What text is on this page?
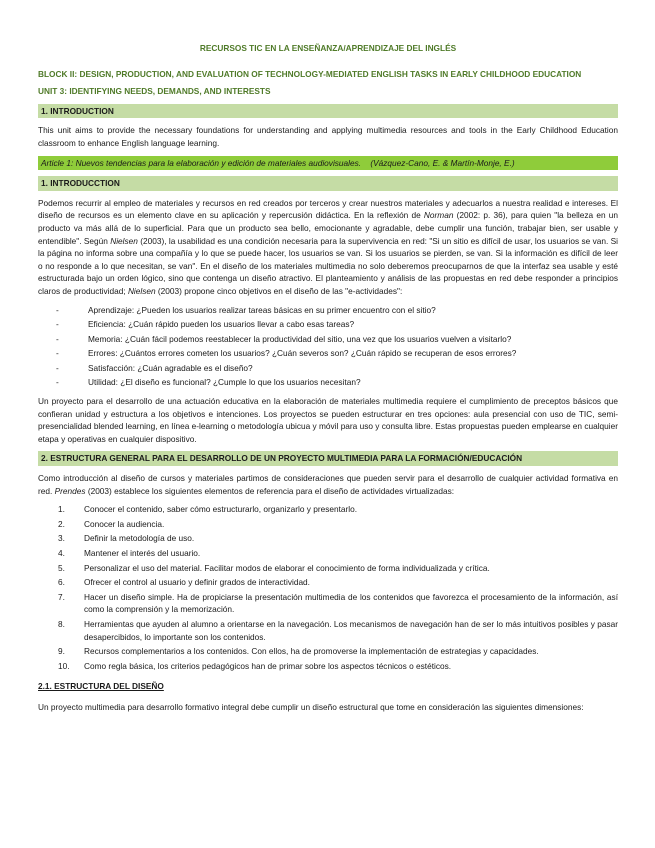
RECURSOS TIC EN LA ENSEÑANZA/APRENDIZAJE DEL INGLÉS
BLOCK II: DESIGN, PRODUCTION, AND EVALUATION OF TECHNOLOGY-MEDIATED ENGLISH TASKS IN EARLY CHILDHOOD EDUCATION
UNIT 3: IDENTIFYING NEEDS, DEMANDS, AND INTERESTS
1. INTRODUCTION

This unit aims to provide the necessary foundations for understanding and applying multimedia resources and tools in the Early Childhood Education classroom to enhance English language learning.

Article 1: Nuevos tendencias para la elaboración y edición de materiales audiovisuales. (Vázquez-Cano, E. & Martín-Monje, E.)
1. INTRODUCCTION

Podemos recurrir al empleo de materiales y recursos en red creados por terceros y crear nuestros materiales y adecuarlos a nuestra realidad e intereses. El diseño de recursos es un elemento clave en su aplicación y repercusión didáctica. En la reflexión de Norman (2002: p. 36), para quien "la belleza en un producto va más allá de lo superficial. Para que un producto sea bello, emocionante y agradable, debe cumplir una función, trabajar bien, ser usable y entendible". Según Nielsen (2003), la usabilidad es una condición necesaria para la supervivencia en red: "Si un sitio es difícil de usar, los usuarios se van. Si la página no informa sobre una compañía y lo que se puede hacer, los usuarios se van. Si los usuarios se pierden, se van. Si la información es difícil de leer o no responde a lo que necesitan, se van". En el diseño de los materiales multimedia no solo deberemos preocuparnos de que la interfaz sea usable y esté estructurada bajo un orden lógico, sino que contenga un diseño atractivo. El planteamiento y análisis de las propuestas en red debe responder a principios claros de productividad; Nielsen (2003) propone cinco objetivos en el diseño de las "e-actividades":

-	Aprendizaje: ¿Pueden los usuarios realizar tareas básicas en su primer encuentro con el sitio?
-	Eficiencia: ¿Cuán rápido pueden los usuarios llevar a cabo esas tareas?
-	Memoria: ¿Cuán fácil podemos reestablecer la productividad del sitio, una vez que los usuarios vuelven a visitarlo?
-	Errores: ¿Cuántos errores cometen los usuarios? ¿Cuán severos son? ¿Cuán rápido se recuperan de esos errores?
-	Satisfacción: ¿Cuán agradable es el diseño?
-	Utilidad: ¿El diseño es funcional? ¿Cumple lo que los usuarios necesitan?

Un proyecto para el desarrollo de una actuación educativa en la elaboración de materiales multimedia requiere el cumplimiento de preceptos básicos que confieran unidad y estructura a los objetivos e intenciones. Los proyectos se pueden estructurar en tres opciones: aula presencial con uso de TIC, semi-presencialidad blended learning, en línea e-learning o metodología ubicua y móvil para uso y consulta libre. Estas propuestas pueden emplearse en cualquier etapa y operativas en cualquier dispositivo.

2. ESTRUCTURA GENERAL PARA EL DESARROLLO DE UN PROYECTO MULTIMEDIA PARA LA FORMACIÓN/EDUCACIÓN

Como introducción al diseño de cursos y materiales partimos de consideraciones que pueden servir para el desarrollo de cualquier actividad formativa en red. Prendes (2003) establece los siguientes elementos de referencia para el diseño de actividades virtualizadas:

1. Conocer el contenido, saber cómo estructurarlo, organizarlo y presentarlo.
2. Conocer la audiencia.
3. Definir la metodología de uso.
4. Mantener el interés del usuario.
5. Personalizar el uso del material. Facilitar modos de elaborar el conocimiento de forma individualizada y crítica.
6. Ofrecer el control al usuario y definir grados de interactividad.
7. Hacer un diseño simple. Ha de propiciarse la presentación multimedia de los contenidos que favorezca el procesamiento de la información, así como la comprensión y la memorización.
8. Herramientas que ayuden al alumno a orientarse en la navegación. Los mecanismos de navegación han de ser lo más intuitivos posibles y pasar desapercibidos, lo importante son los contenidos.
9. Recursos complementarios a los contenidos. Con ellos, ha de promoverse la implementación de estrategias y capacidades.
10. Como regla básica, los criterios pedagógicos han de primar sobre los aspectos técnicos o estéticos.
2.1. ESTRUCTURA DEL DISEÑO

Un proyecto multimedia para desarrollo formativo integral debe cumplir un diseño estructural que tome en consideración las siguientes dimensiones:
